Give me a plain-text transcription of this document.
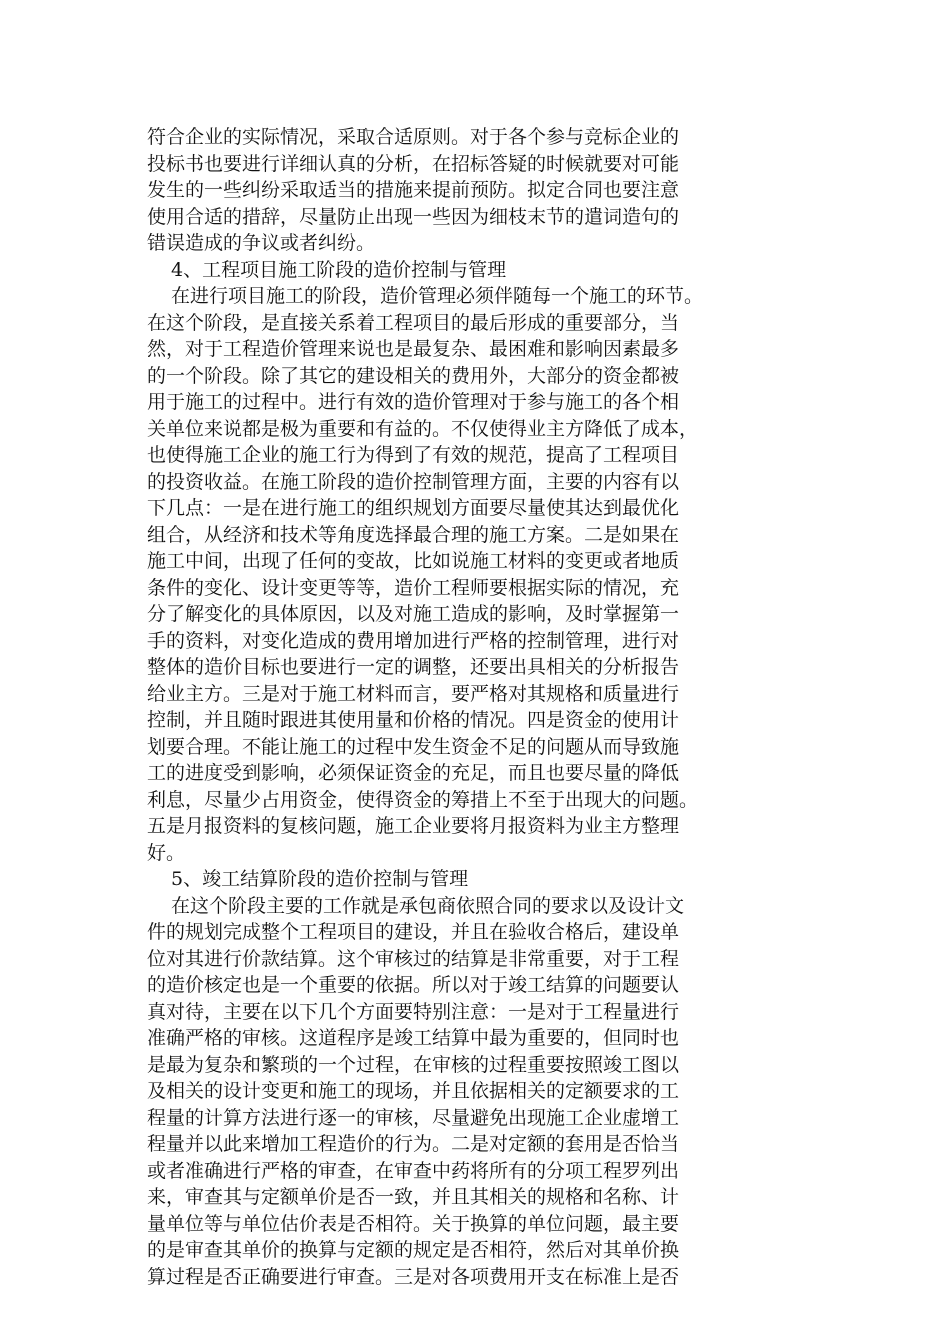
符合企业的实际情况，采取合适原则。对于各个参与竞标企业的
投标书也要进行详细认真的分析，在招标答疑的时候就要对可能
发生的一些纠纷采取适当的措施来提前预防。拟定合同也要注意
使用合适的措辞，尽量防止出现一些因为细枝末节的遣词造句的
错误造成的争议或者纠纷。
4、工程项目施工阶段的造价控制与管理
在进行项目施工的阶段，造价管理必须伴随每一个施工的环节。
在这个阶段，是直接关系着工程项目的最后形成的重要部分，当
然，对于工程造价管理来说也是最复杂、最困难和影响因素最多
的一个阶段。除了其它的建设相关的费用外，大部分的资金都被
用于施工的过程中。进行有效的造价管理对于参与施工的各个相
关单位来说都是极为重要和有益的。不仅使得业主方降低了成本，
也使得施工企业的施工行为得到了有效的规范，提高了工程项目
的投资收益。在施工阶段的造价控制管理方面，主要的内容有以
下几点：一是在进行施工的组织规划方面要尽量使其达到最优化
组合，从经济和技术等角度选择最合理的施工方案。二是如果在
施工中间，出现了任何的变故，比如说施工材料的变更或者地质
条件的变化、设计变更等等，造价工程师要根据实际的情况，充
分了解变化的具体原因，以及对施工造成的影响，及时掌握第一
手的资料，对变化造成的费用增加进行严格的控制管理，进行对
整体的造价目标也要进行一定的调整，还要出具相关的分析报告
给业主方。三是对于施工材料而言，要严格对其规格和质量进行
控制，并且随时跟进其使用量和价格的情况。四是资金的使用计
划要合理。不能让施工的过程中发生资金不足的问题从而导致施
工的进度受到影响，必须保证资金的充足，而且也要尽量的降低
利息，尽量少占用资金，使得资金的筹措上不至于出现大的问题。
五是月报资料的复核问题，施工企业要将月报资料为业主方整理
好。
5、竣工结算阶段的造价控制与管理
在这个阶段主要的工作就是承包商依照合同的要求以及设计文
件的规划完成整个工程项目的建设，并且在验收合格后，建设单
位对其进行价款结算。这个审核过的结算是非常重要，对于工程
的造价核定也是一个重要的依据。所以对于竣工结算的问题要认
真对待，主要在以下几个方面要特别注意：一是对于工程量进行
准确严格的审核。这道程序是竣工结算中最为重要的，但同时也
是最为复杂和繁琐的一个过程，在审核的过程重要按照竣工图以
及相关的设计变更和施工的现场，并且依据相关的定额要求的工
程量的计算方法进行逐一的审核，尽量避免出现施工企业虚增工
程量并以此来增加工程造价的行为。二是对定额的套用是否恰当
或者准确进行严格的审查，在审查中药将所有的分项工程罗列出
来，审查其与定额单价是否一致，并且其相关的规格和名称、计
量单位等与单位估价表是否相符。关于换算的单位问题，最主要
的是审查其单价的换算与定额的规定是否相符，然后对其单价换
算过程是否正确要进行审查。三是对各项费用开支在标准上是否
